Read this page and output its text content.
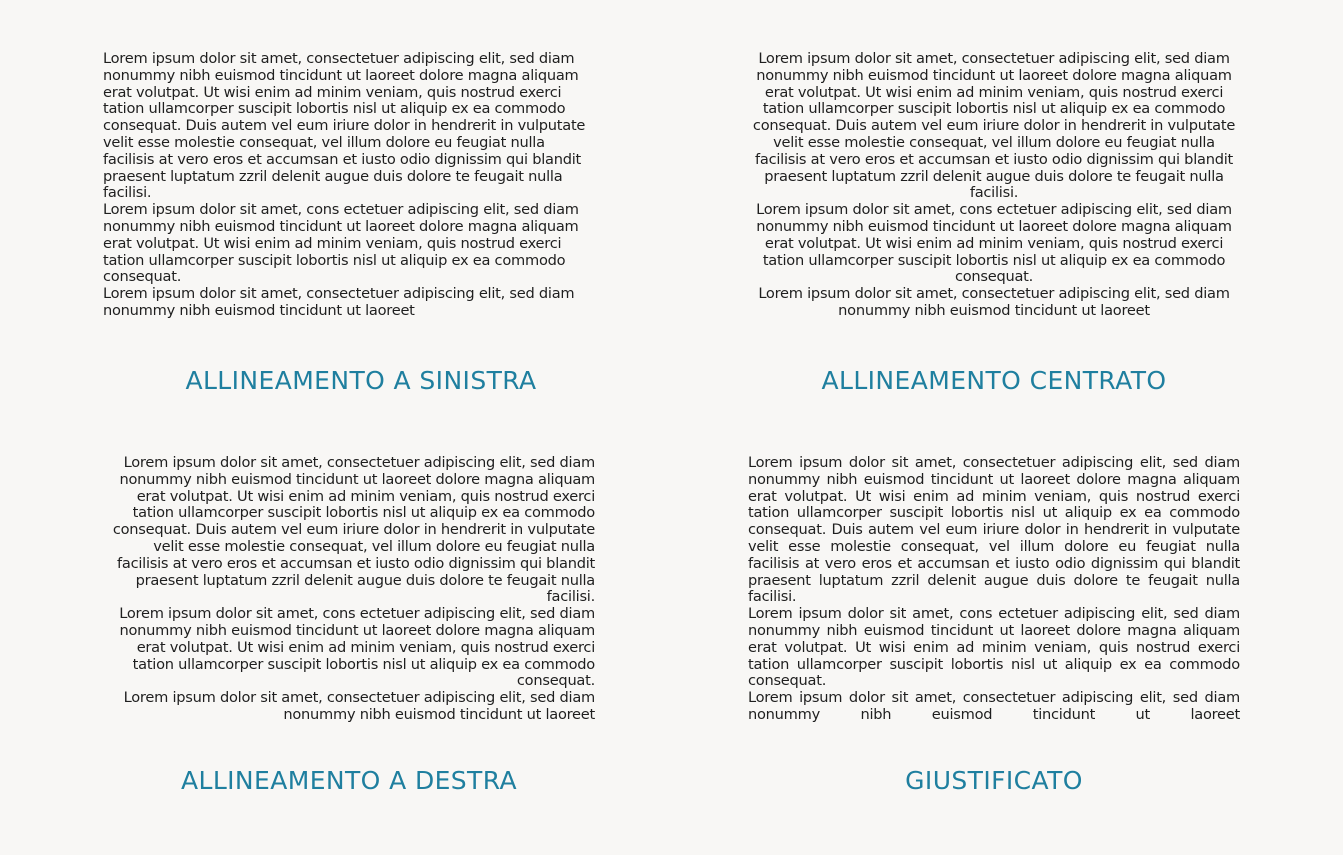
Lorem ipsum dolor sit amet, consectetuer adipiscing elit, sed diam nonummy nibh euismod tincidunt ut laoreet dolore magna aliquam erat volutpat. Ut wisi enim ad minim veniam, quis nostrud exerci tation ullamcorper suscipit lobortis nisl ut aliquip ex ea commodo consequat. Duis autem vel eum iriure dolor in hendrerit in vulputate velit esse molestie consequat, vel illum dolore eu feugiat nulla facilisis at vero eros et accumsan et iusto odio dignissim qui blandit praesent luptatum zzril delenit augue duis dolore te feugait nulla facilisi.

Lorem ipsum dolor sit amet, cons ectetuer adipiscing elit, sed diam nonummy nibh euismod tincidunt ut laoreet dolore magna aliquam erat volutpat. Ut wisi enim ad minim veniam, quis nostrud exerci tation ullamcorper suscipit lobortis nisl ut aliquip ex ea commodo consequat.

Lorem ipsum dolor sit amet, consectetuer adipiscing elit, sed diam nonummy nibh euismod tincidunt ut laoreet

ALLINEAMENTO A SINISTRA

Lorem ipsum dolor sit amet, consectetuer adipiscing elit, sed diam nonummy nibh euismod tincidunt ut laoreet dolore magna aliquam erat volutpat. Ut wisi enim ad minim veniam, quis nostrud exerci tation ullamcorper suscipit lobortis nisl ut aliquip ex ea commodo consequat. Duis autem vel eum iriure dolor in hendrerit in vulputate velit esse molestie consequat, vel illum dolore eu feugiat nulla facilisis at vero eros et accumsan et iusto odio dignissim qui blandit praesent luptatum zzril delenit augue duis dolore te feugait nulla facilisi.

Lorem ipsum dolor sit amet, cons ectetuer adipiscing elit, sed diam nonummy nibh euismod tincidunt ut laoreet dolore magna aliquam erat volutpat. Ut wisi enim ad minim veniam, quis nostrud exerci tation ullamcorper suscipit lobortis nisl ut aliquip ex ea commodo consequat.

Lorem ipsum dolor sit amet, consectetuer adipiscing elit, sed diam nonummy nibh euismod tincidunt ut laoreet

ALLINEAMENTO CENTRATO

Lorem ipsum dolor sit amet, consectetuer adipiscing elit, sed diam nonummy nibh euismod tincidunt ut laoreet dolore magna aliquam erat volutpat. Ut wisi enim ad minim veniam, quis nostrud exerci tation ullamcorper suscipit lobortis nisl ut aliquip ex ea commodo consequat. Duis autem vel eum iriure dolor in hendrerit in vulputate velit esse molestie consequat, vel illum dolore eu feugiat nulla facilisis at vero eros et accumsan et iusto odio dignissim qui blandit praesent luptatum zzril delenit augue duis dolore te feugait nulla facilisi.

Lorem ipsum dolor sit amet, cons ectetuer adipiscing elit, sed diam nonummy nibh euismod tincidunt ut laoreet dolore magna aliquam erat volutpat. Ut wisi enim ad minim veniam, quis nostrud exerci tation ullamcorper suscipit lobortis nisl ut aliquip ex ea commodo consequat.

Lorem ipsum dolor sit amet, consectetuer adipiscing elit, sed diam nonummy nibh euismod tincidunt ut laoreet

ALLINEAMENTO A DESTRA

Lorem ipsum dolor sit amet, consectetuer adipiscing elit, sed diam nonummy nibh euismod tincidunt ut laoreet dolore magna aliquam erat volutpat. Ut wisi enim ad minim veniam, quis nostrud exerci tation ullamcorper suscipit lobortis nisl ut aliquip ex ea commodo consequat. Duis autem vel eum iriure dolor in hendrerit in vulputate velit esse molestie consequat, vel illum dolore eu feugiat nulla facilisis at vero eros et accumsan et iusto odio dignissim qui blandit praesent luptatum zzril delenit augue duis dolore te feugait nulla facilisi.

Lorem ipsum dolor sit amet, cons ectetuer adipiscing elit, sed diam nonummy nibh euismod tincidunt ut laoreet dolore magna aliquam erat volutpat. Ut wisi enim ad minim veniam, quis nostrud exerci tation ullamcorper suscipit lobortis nisl ut aliquip ex ea commodo consequat.

Lorem ipsum dolor sit amet, consectetuer adipiscing elit, sed diam nonummy nibh euismod tincidunt ut laoreet

GIUSTIFICATO
